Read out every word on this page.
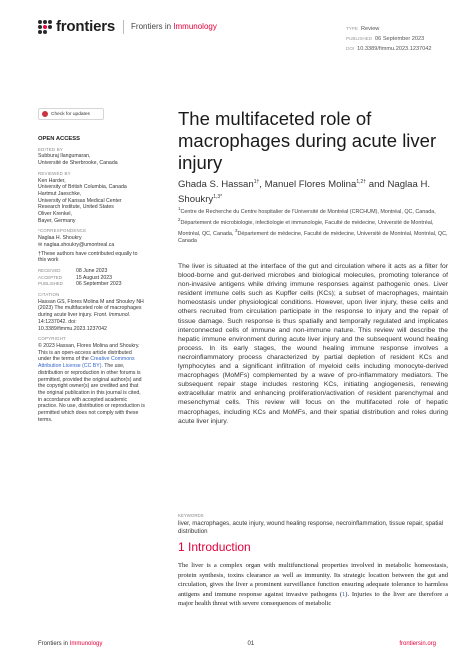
frontiers Frontiers in Immunology	TYPE Review
PUBLISHED 06 September 2023
DOI 10.3389/fimmu.2023.1237042
Check for updates
OPEN ACCESS
EDITED BY
Subburaj Ilangumaran,
Université de Sherbrooke, Canada
REVIEWED BY
Ken Harder,
University of British Columbia, Canada
Hartmut Jaeschke,
University of Kansas Medical Center
Research Institute, United States
Oliver Krenkel,
Bayer, Germany
*CORRESPONDENCE
Naglaa H. Shoukry
✉ naglaa.shoukry@umontreal.ca
†These authors have contributed equally to this work
RECEIVED	08 June 2023
ACCEPTED	15 August 2023
PUBLISHED	06 September 2023
CITATION
Hassan GS, Flores Molina M and Shoukry NH (2023) The multifaceted role of macrophages during acute liver injury. Front. Immunol. 14:1237042. doi: 10.3389/fimmu.2023.1237042
COPYRIGHT
© 2023 Hassan, Flores Molina and Shoukry. This is an open-access article distributed under the terms of the Creative Commons Attribution License (CC BY). The use, distribution or reproduction in other forums is permitted, provided the original author(s) and the copyright owner(s) are credited and that the original publication in this journal is cited, in accordance with accepted academic practice. No use, distribution or reproduction is permitted which does not comply with these terms.
The multifaceted role of macrophages during acute liver injury
Ghada S. Hassan$^{1\dagger}$, Manuel Flores Molina$^{1,2\dagger}$ and Naglaa H. Shoukry$^{1,3*}$
$^1$Centre de Recherche du Centre hospitalier de l’Université de Montréal (CRCHUM), Montréal, QC, Canada, $^2$Département de microbiologie, infectiologie et immunologie, Faculté de médecine, Université de Montréal, Montréal, QC, Canada, $^3$Département de médecine, Faculté de médecine, Université de Montréal, Montréal, QC, Canada
The liver is situated at the interface of the gut and circulation where it acts as a filter for blood-borne and gut-derived microbes and biological molecules, promoting tolerance of non-invasive antigens while driving immune responses against pathogenic ones. Liver resident immune cells such as Kupffer cells (KCs); a subset of macrophages, maintain homeostasis under physiological conditions. However, upon liver injury, these cells and others recruited from circulation participate in the response to injury and the repair of tissue damage. Such response is thus spatially and temporally regulated and implicates interconnected cells of immune and non-immune nature. This review will describe the hepatic immune environment during acute liver injury and the subsequent wound healing process. In its early stages, the wound healing immune response involves a necroinflammatory process characterized by partial depletion of resident KCs and lymphocytes and a significant infiltration of myeloid cells including monocyte-derived macrophages (MoMFs) complemented by a wave of pro-inflammatory mediators. The subsequent repair stage includes restoring KCs, initiating angiogenesis, renewing extracellular matrix and enhancing proliferation/activation of resident parenchymal and mesenchymal cells. This review will focus on the multifaceted role of hepatic macrophages, including KCs and MoMFs, and their spatial distribution and roles during acute liver injury.
KEYWORDS
liver, macrophages, acute injury, wound healing response, necroinflammation, tissue repair, spatial distribution
1 Introduction
The liver is a complex organ with multifunctional properties involved in metabolic homeostasis, protein synthesis, toxins clearance as well as immunity. Its strategic location between the gut and circulation, gives the liver a prominent surveillance function ensuring adequate tolerance to harmless antigens and immune response against invasive pathogens (1). Injuries to the liver are therefore a major health threat with severe consequences of metabolic
Frontiers in Immunology	01	frontiersin.org
